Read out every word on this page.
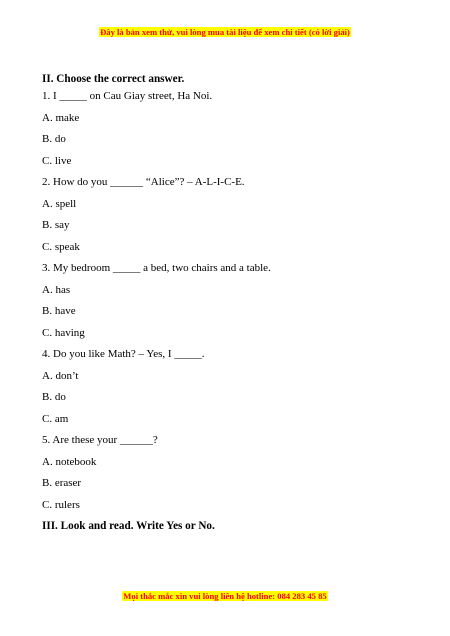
Đây là bản xem thử, vui lòng mua tài liệu để xem chi tiết (có lời giải)
II. Choose the correct answer.
1. I _____ on Cau Giay street, Ha Noi.
A. make
B. do
C. live
2. How do you ______ “Alice”? – A-L-I-C-E.
A. spell
B. say
C. speak
3. My bedroom _____ a bed, two chairs and a table.
A. has
B. have
C. having
4. Do you like Math? – Yes, I _____.
A. don’t
B. do
C. am
5. Are these your ______?
A. notebook
B. eraser
C. rulers
III. Look and read. Write Yes or No.
Mọi thắc mắc xin vui lòng liên hệ hotline: 084 283 45 85
